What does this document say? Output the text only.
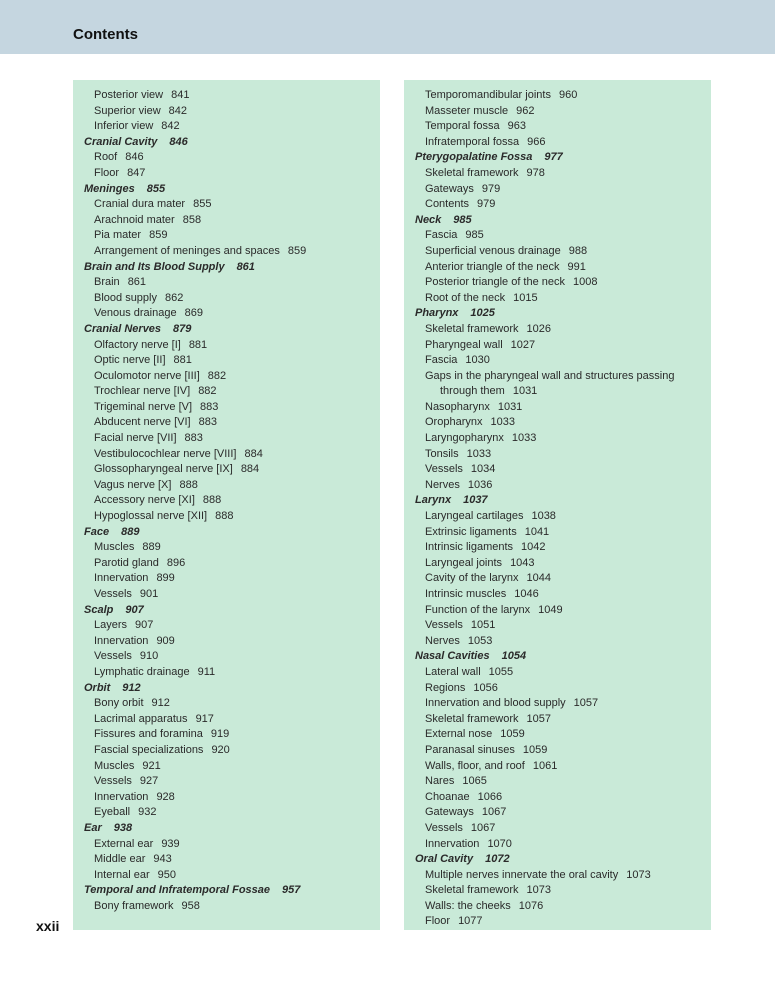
Contents
Posterior view 841
Superior view 842
Inferior view 842
Cranial Cavity 846
Roof 846
Floor 847
Meninges 855
Cranial dura mater 855
Arachnoid mater 858
Pia mater 859
Arrangement of meninges and spaces 859
Brain and Its Blood Supply 861
Brain 861
Blood supply 862
Venous drainage 869
Cranial Nerves 879
Olfactory nerve [I] 881
Optic nerve [II] 881
Oculomotor nerve [III] 882
Trochlear nerve [IV] 882
Trigeminal nerve [V] 883
Abducent nerve [VI] 883
Facial nerve [VII] 883
Vestibulocochlear nerve [VIII] 884
Glossopharyngeal nerve [IX] 884
Vagus nerve [X] 888
Accessory nerve [XI] 888
Hypoglossal nerve [XII] 888
Face 889
Muscles 889
Parotid gland 896
Innervation 899
Vessels 901
Scalp 907
Layers 907
Innervation 909
Vessels 910
Lymphatic drainage 911
Orbit 912
Bony orbit 912
Lacrimal apparatus 917
Fissures and foramina 919
Fascial specializations 920
Muscles 921
Vessels 927
Innervation 928
Eyeball 932
Ear 938
External ear 939
Middle ear 943
Internal ear 950
Temporal and Infratemporal Fossae 957
Bony framework 958
Temporomandibular joints 960
Masseter muscle 962
Temporal fossa 963
Infratemporal fossa 966
Pterygopalatine Fossa 977
Skeletal framework 978
Gateways 979
Contents 979
Neck 985
Fascia 985
Superficial venous drainage 988
Anterior triangle of the neck 991
Posterior triangle of the neck 1008
Root of the neck 1015
Pharynx 1025
Skeletal framework 1026
Pharyngeal wall 1027
Fascia 1030
Gaps in the pharyngeal wall and structures passing
through them 1031
Nasopharynx 1031
Oropharynx 1033
Laryngopharynx 1033
Tonsils 1033
Vessels 1034
Nerves 1036
Larynx 1037
Laryngeal cartilages 1038
Extrinsic ligaments 1041
Intrinsic ligaments 1042
Laryngeal joints 1043
Cavity of the larynx 1044
Intrinsic muscles 1046
Function of the larynx 1049
Vessels 1051
Nerves 1053
Nasal Cavities 1054
Lateral wall 1055
Regions 1056
Innervation and blood supply 1057
Skeletal framework 1057
External nose 1059
Paranasal sinuses 1059
Walls, floor, and roof 1061
Nares 1065
Choanae 1066
Gateways 1067
Vessels 1067
Innervation 1070
Oral Cavity 1072
Multiple nerves innervate the oral cavity 1073
Skeletal framework 1073
Walls: the cheeks 1076
Floor 1077
xxii
